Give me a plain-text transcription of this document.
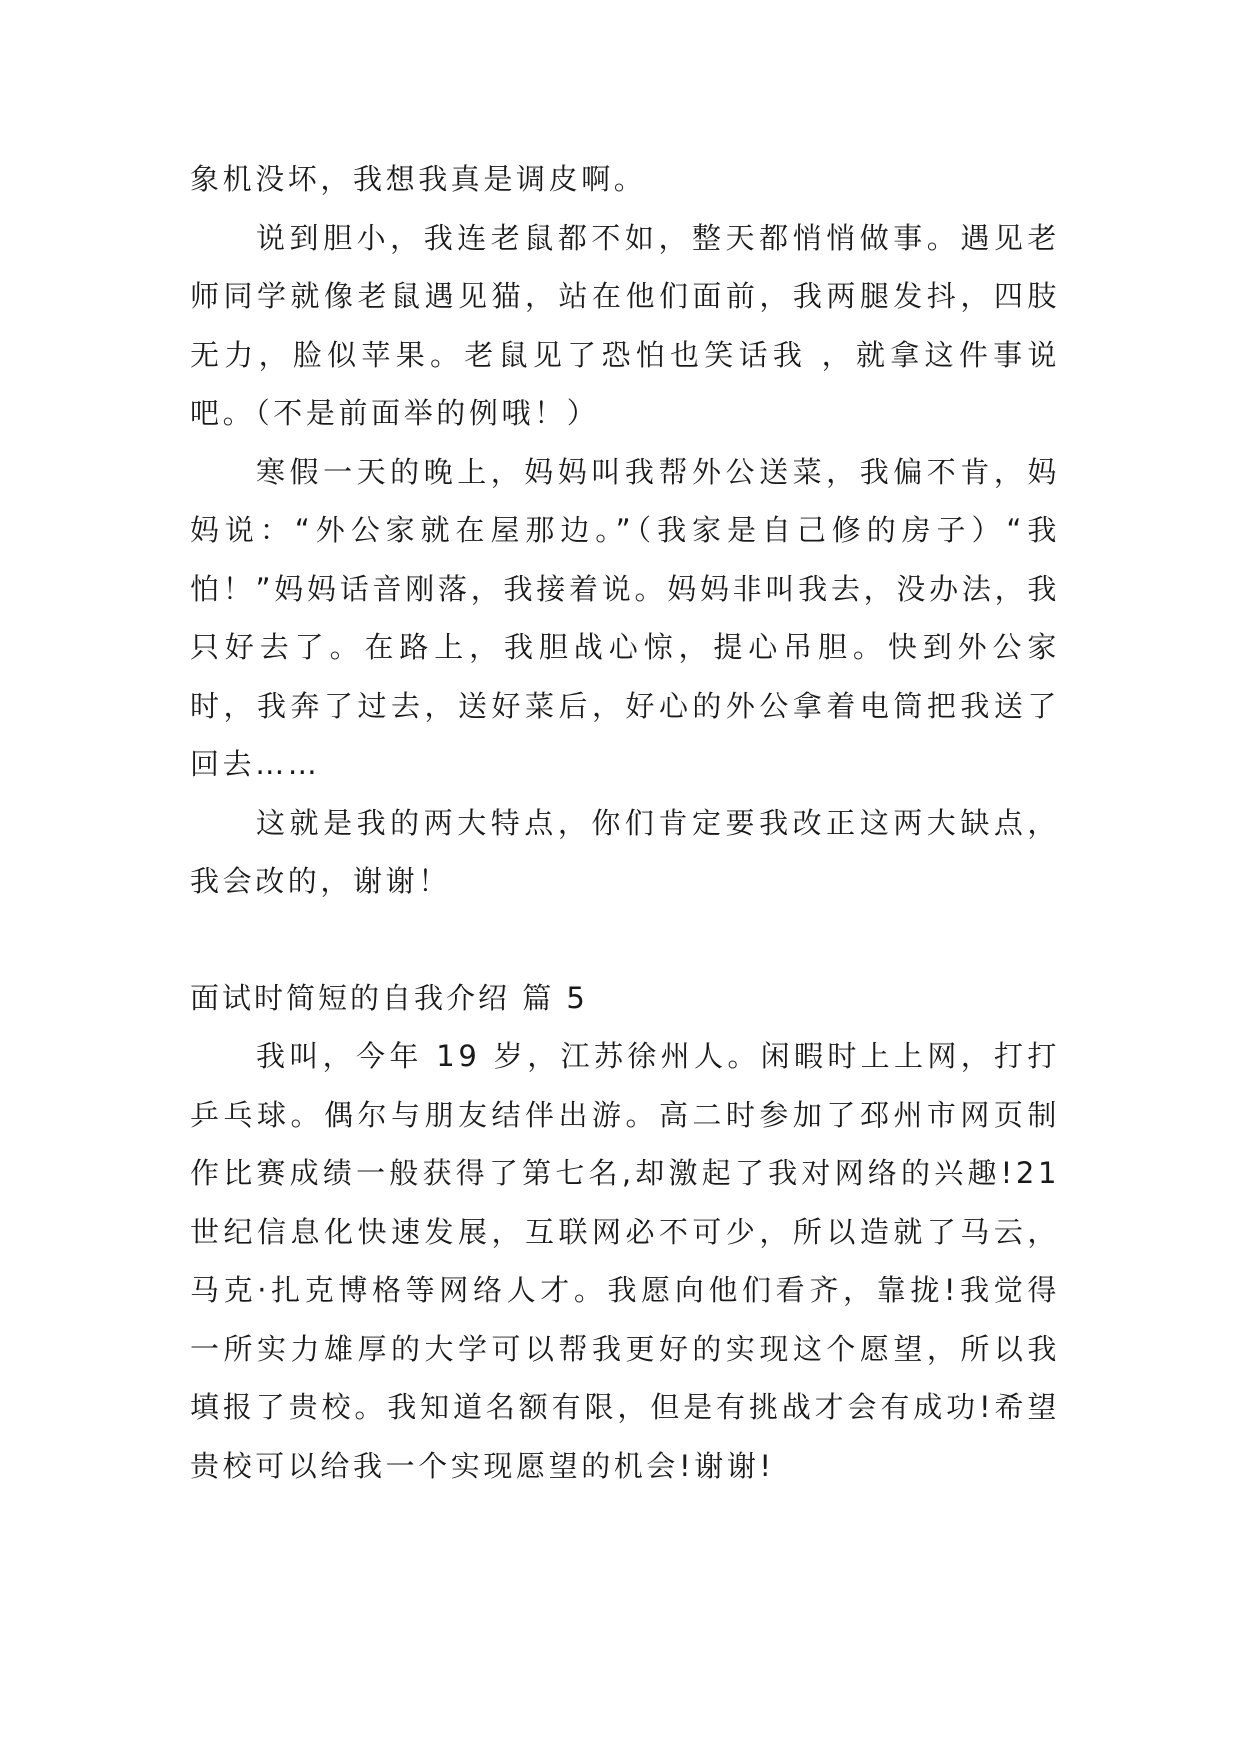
象机没坏，我想我真是调皮啊。

说到胆小，我连老鼠都不如，整天都悄悄做事。遇见老师同学就像老鼠遇见猫，站在他们面前，我两腿发抖，四肢无力，脸似苹果。老鼠见了恐怕也笑话我 ，就拿这件事说吧。（不是前面举的例哦！）

寒假一天的晚上，妈妈叫我帮外公送菜，我偏不肯，妈妈说：“外公家就在屋那边。”（我家是自己修的房子）“我怕！”妈妈话音刚落，我接着说。妈妈非叫我去，没办法，我只好去了。在路上，我胆战心惊，提心吊胆。快到外公家时，我奔了过去，送好菜后，好心的外公拿着电筒把我送了回去……

这就是我的两大特点，你们肯定要我改正这两大缺点，我会改的，谢谢！

面试时简短的自我介绍 篇 5

我叫，今年 19 岁，江苏徐州人。闲暇时上上网，打打乒乓球。偶尔与朋友结伴出游。高二时参加了邳州市网页制作比赛成绩一般获得了第七名,却激起了我对网络的兴趣!21 世纪信息化快速发展，互联网必不可少，所以造就了马云，马克·扎克博格等网络人才。我愿向他们看齐，靠拢!我觉得一所实力雄厚的大学可以帮我更好的实现这个愿望，所以我填报了贵校。我知道名额有限，但是有挑战才会有成功!希望贵校可以给我一个实现愿望的机会!谢谢!
